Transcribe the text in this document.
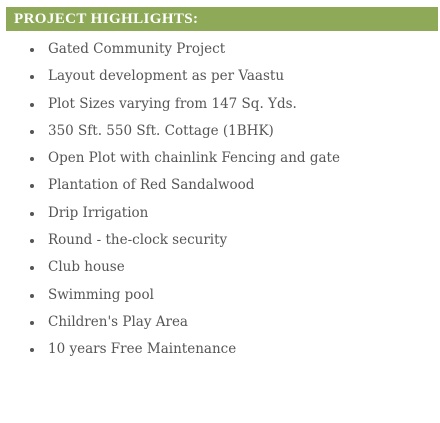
PROJECT HIGHLIGHTS:
Gated Community Project
Layout development as per Vaastu
Plot Sizes varying from 147 Sq. Yds.
350 Sft. 550 Sft. Cottage (1BHK)
Open Plot with chainlink Fencing and gate
Plantation of Red Sandalwood
Drip Irrigation
Round - the-clock security
Club house
Swimming pool
Children's Play Area
10 years Free Maintenance
